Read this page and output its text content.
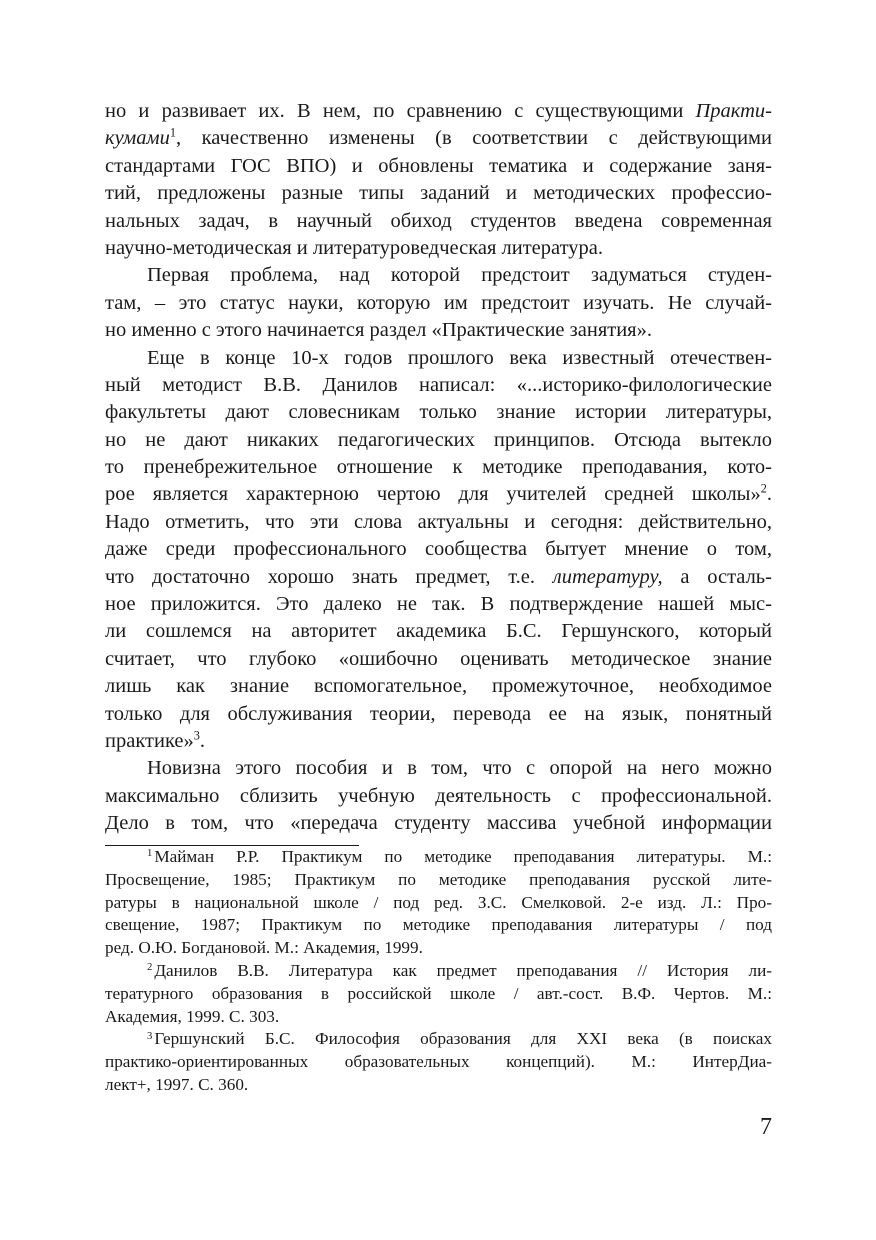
но и развивает их. В нем, по сравнению с существующими Практи-
кумами$^1$, качественно изменены (в соответствии с действующими
стандартами ГОС ВПО) и обновлены тематика и содержание заня-
тий, предложены разные типы заданий и методических профессио-
нальных задач, в научный обиход студентов введена современная
научно-методическая и литературоведческая литература.
Первая проблема, над которой предстоит задуматься студен-
там, – это статус науки, которую им предстоит изучать. Не случай-
но именно с этого начинается раздел «Практические занятия».
Еще в конце 10-х годов прошлого века известный отечествен-
ный методист В.В. Данилов написал: «...историко-филологические
факультеты дают словесникам только знание истории литературы,
но не дают никаких педагогических принципов. Отсюда вытекло
то пренебрежительное отношение к методике преподавания, кото-
рое является характерною чертою для учителей средней школы»$^2$.
Надо отметить, что эти слова актуальны и сегодня: действительно,
даже среди профессионального сообщества бытует мнение о том,
что достаточно хорошо знать предмет, т.е. литературу, а осталь-
ное приложится. Это далеко не так. В подтверждение нашей мыс-
ли сошлемся на авторитет академика Б.С. Гершунского, который
считает, что глубоко «ошибочно оценивать методическое знание
лишь как знание вспомогательное, промежуточное, необходимое
только для обслуживания теории, перевода ее на язык, понятный
практике»$^3$.
Новизна этого пособия и в том, что с опорой на него можно
максимально сблизить учебную деятельность с профессиональной.
Дело в том, что «передача студенту массива учебной информации
$^1$ Майман Р.Р. Практикум по методике преподавания литературы. М.:
Просвещение, 1985; Практикум по методике преподавания русской лите-
ратуры в национальной школе / под ред. З.С. Смелковой. 2-е изд. Л.: Про-
свещение, 1987; Практикум по методике преподавания литературы / под
ред. О.Ю. Богдановой. М.: Академия, 1999.
$^2$ Данилов В.В. Литература как предмет преподавания // История ли-
тературного образования в российской школе / авт.-сост. В.Ф. Чертов. М.:
Академия, 1999. С. 303.
$^3$ Гершунский Б.С. Философия образования для XXI века (в поисках
практико-ориентированных образовательных концепций). М.: ИнтерДиа-
лект+, 1997. С. 360.
7
